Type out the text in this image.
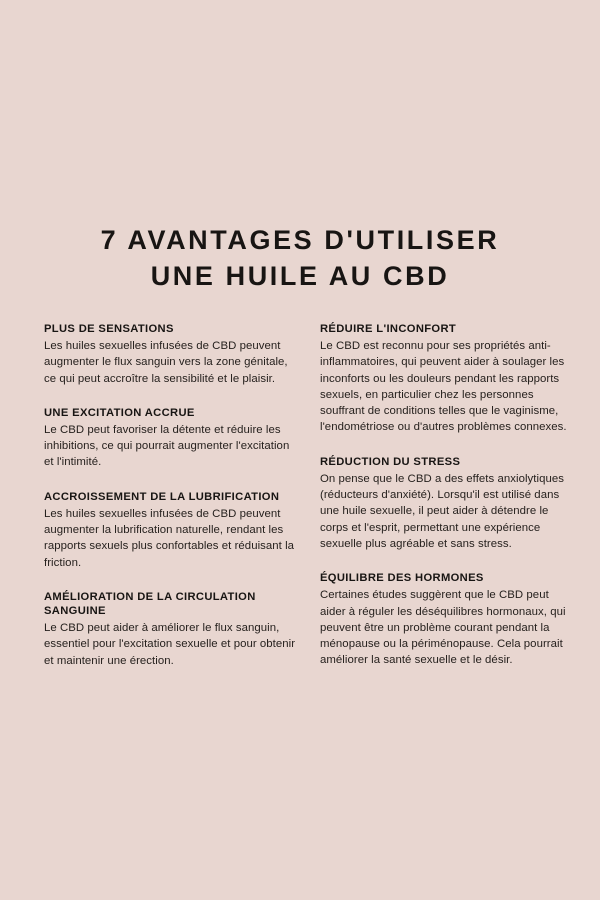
7 AVANTAGES D'UTILISER
UNE HUILE AU CBD

PLUS DE SENSATIONS

Les huiles sexuelles infusées de CBD peuvent augmenter le flux sanguin vers la zone génitale, ce qui peut accroître la sensibilité et le plaisir.

UNE EXCITATION ACCRUE

Le CBD peut favoriser la détente et réduire les inhibitions, ce qui pourrait augmenter l'excitation et l'intimité.

ACCROISSEMENT DE LA LUBRIFICATION

Les huiles sexuelles infusées de CBD peuvent augmenter la lubrification naturelle, rendant les rapports sexuels plus confortables et réduisant la friction.

AMÉLIORATION DE LA CIRCULATION SANGUINE

Le CBD peut aider à améliorer le flux sanguin, essentiel pour l'excitation sexuelle et pour obtenir et maintenir une érection.

RÉDUIRE L'INCONFORT

Le CBD est reconnu pour ses propriétés anti-inflammatoires, qui peuvent aider à soulager les inconforts ou les douleurs pendant les rapports sexuels, en particulier chez les personnes souffrant de conditions telles que le vaginisme, l'endométriose ou d'autres problèmes connexes.

RÉDUCTION DU STRESS

On pense que le CBD a des effets anxiolytiques (réducteurs d'anxiété). Lorsqu'il est utilisé dans une huile sexuelle, il peut aider à détendre le corps et l'esprit, permettant une expérience sexuelle plus agréable et sans stress.

ÉQUILIBRE DES HORMONES

Certaines études suggèrent que le CBD peut aider à réguler les déséquilibres hormonaux, qui peuvent être un problème courant pendant la ménopause ou la périménopause. Cela pourrait améliorer la santé sexuelle et le désir.
